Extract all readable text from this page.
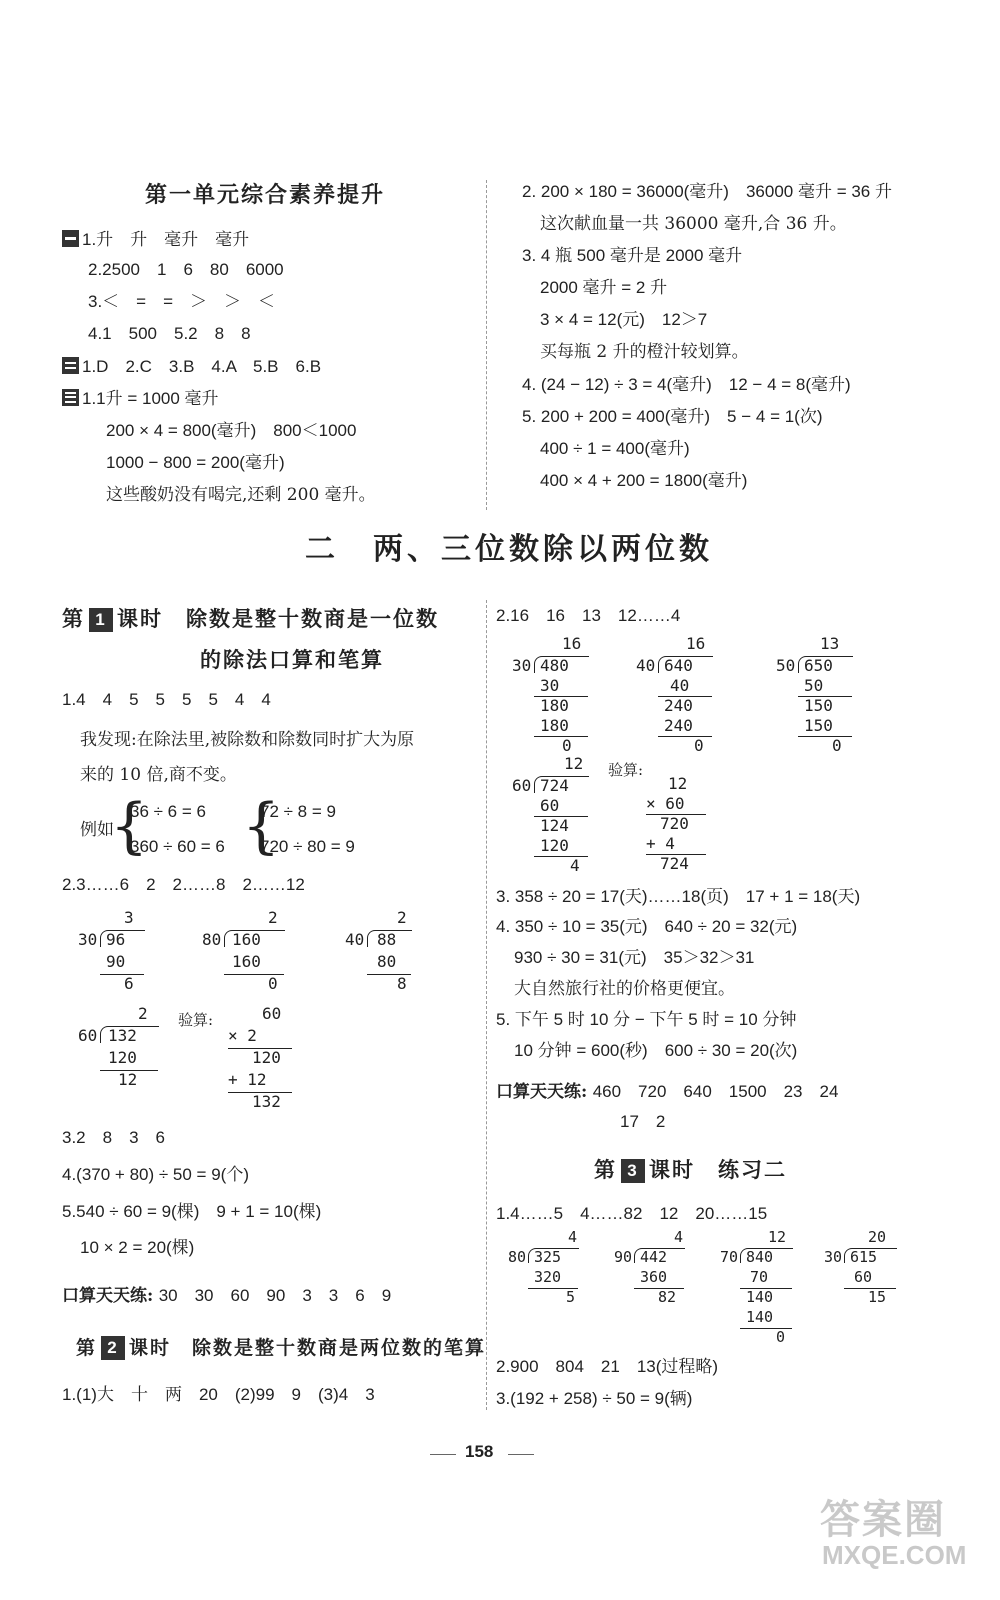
第一单元综合素养提升
1.升　升　毫升　毫升
2.2500　1　6　80　6000
3.＜　=　=　＞　＞　＜
4.1　500　5.2　8　8
1.D　2.C　3.B　4.A　5.B　6.B
1.1升 = 1000 毫升
200 × 4 = 800(毫升)　800＜1000
1000 − 800 = 200(毫升)
这些酸奶没有喝完,还剩 200 毫升。
2. 200 × 180 = 36000(毫升)　36000 毫升 = 36 升
这次献血量一共 36000 毫升,合 36 升。
3. 4 瓶 500 毫升是 2000 毫升
2000 毫升 = 2 升
3 × 4 = 12(元)　12＞7
买每瓶 2 升的橙汁较划算。
4. (24 − 12) ÷ 3 = 4(毫升)　12 − 4 = 8(毫升)
5. 200 + 200 = 400(毫升)　5 − 4 = 1(次)
400 ÷ 1 = 400(毫升)
400 × 4 + 200 = 1800(毫升)
二　两、三位数除以两位数
第 1 课时　除数是整十数商是一位数
的除法口算和笔算
1.4　4　5　5　5　5　4　4
我发现:在除法里,被除数和除数同时扩大为原
来的 10 倍,商不变。
例如
{
36 ÷ 6 = 6
360 ÷ 60 = 6 {
72 ÷ 8 = 9
720 ÷ 80 = 9
2.3……6　2　2……8　2……12
3
30 96
90
6
2
80 160
160
0
2
40 88
80
8
2
60 132
120
12
验算:	60
× 2
120
+ 12
132
3.2　8　3　6
4.(370 + 80) ÷ 50 = 9(个)
5.540 ÷ 60 = 9(棵)　9 + 1 = 10(棵)
10 × 2 = 20(棵)
口算天天练: 30　30　60　90　3　3　6　9
第 2 课时　除数是整十数商是两位数的笔算
1.(1)大　十　两　20　(2)99　9　(3)4　3
2.16　16　13　12……4
16
30 480
30
180
180
0
16
40 640
40
240
240
0
13
50 650
50
150
150
0
12
60 724
60
124
120
4
验算:
12
× 60
720
+ 4
724
3. 358 ÷ 20 = 17(天)……18(页)　17 + 1 = 18(天)
4. 350 ÷ 10 = 35(元)　640 ÷ 20 = 32(元)
930 ÷ 30 = 31(元)　35＞32＞31
大自然旅行社的价格更便宜。
5. 下午 5 时 10 分 − 下午 5 时 = 10 分钟
10 分钟 = 600(秒)　600 ÷ 30 = 20(次)
口算天天练: 460　720　640　1500　23　24
17　2
第 3 课时　练习二
1.4……5　4……82　12　20……15
4
80 325
320
5
4
90 442
360
82
12
70 840
70
140
140
0
20
30 615
60
15
2.900　804　21　13(过程略)
3.(192 + 258) ÷ 50 = 9(辆)
158
答案圈
MXQE.COM
